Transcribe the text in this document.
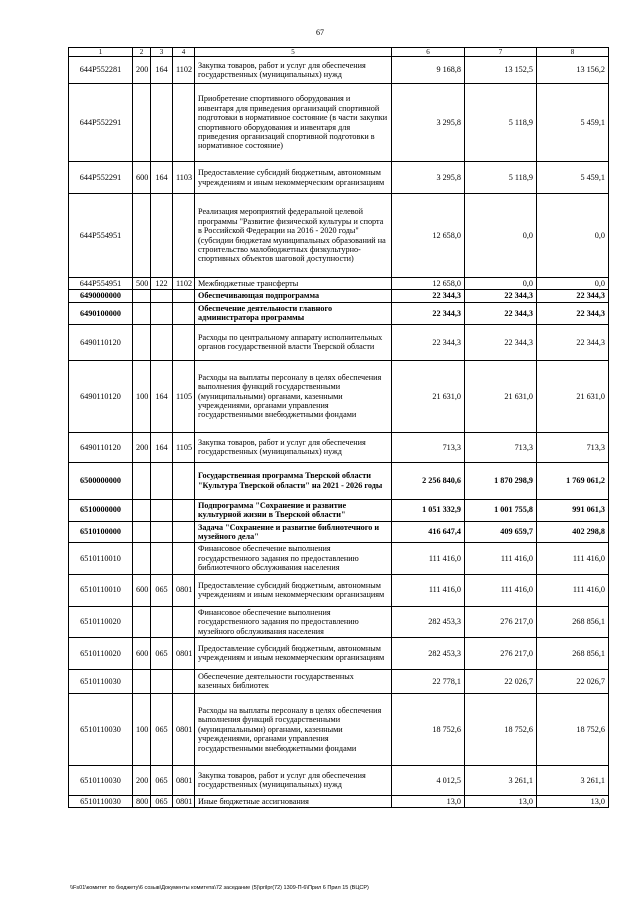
67
1	2	3	4	5	6	7	8
644P552281	200	164	1102	Закупка товаров, работ и услуг для обеспечения государственных (муниципальных) нужд	9 168,8	13 152,5	13 156,2
644P552291				Приобретение спортивного оборудования и инвентаря для приведения организаций спортивной подготовки в нормативное состояние (в части закупки спортивного оборудования и инвентаря для приведения организаций спортивной подготовки в нормативное состояние)	3 295,8	5 118,9	5 459,1
644P552291	600	164	1103	Предоставление субсидий бюджетным, автономным учреждениям и иным некоммерческим организациям	3 295,8	5 118,9	5 459,1
644P554951				Реализация мероприятий федеральной целевой программы "Развитие физической культуры и спорта в Российской Федерации на 2016 - 2020 годы" (субсидии бюджетам муниципальных образований на строительство малобюджетных физкультурно-спортивных объектов шаговой доступности)	12 658,0	0,0	0,0
644P554951	500	122	1102	Межбюджетные трансферты	12 658,0	0,0	0,0
6490000000				Обеспечивающая подпрограмма	22 344,3	22 344,3	22 344,3
6490100000				Обеспечение деятельности главного администратора программы	22 344,3	22 344,3	22 344,3
6490110120				Расходы по центральному аппарату исполнительных органов государственной власти Тверской области	22 344,3	22 344,3	22 344,3
6490110120	100	164	1105	Расходы на выплаты персоналу в целях обеспечения выполнения функций государственными (муниципальными) органами, казенными учреждениями, органами управления государственными внебюджетными фондами	21 631,0	21 631,0	21 631,0
6490110120	200	164	1105	Закупка товаров, работ и услуг для обеспечения государственных (муниципальных) нужд	713,3	713,3	713,3
6500000000				Государственная программа Тверской области "Культура Тверской области" на 2021 - 2026 годы	2 256 840,6	1 870 298,9	1 769 061,2
6510000000				Подпрограмма "Сохранение и развитие культурной жизни в Тверской области"	1 051 332,9	1 001 755,8	991 061,3
6510100000				Задача "Сохранение и развитие библиотечного и музейного дела"	416 647,4	409 659,7	402 298,8
6510110010				Финансовое обеспечение выполнения государственного задания по предоставлению библиотечного обслуживания населения	111 416,0	111 416,0	111 416,0
6510110010	600	065	0801	Предоставление субсидий бюджетным, автономным учреждениям и иным некоммерческим организациям	111 416,0	111 416,0	111 416,0
6510110020				Финансовое обеспечение выполнения государственного задания по предоставлению музейного обслуживания населения	282 453,3	276 217,0	268 856,1
6510110020	600	065	0801	Предоставление субсидий бюджетным, автономным учреждениям и иным некоммерческим организациям	282 453,3	276 217,0	268 856,1
6510110030				Обеспечение деятельности государственных казенных библиотек	22 778,1	22 026,7	22 026,7
6510110030	100	065	0801	Расходы на выплаты персоналу в целях обеспечения выполнения функций государственными (муниципальными) органами, казенными учреждениями, органами управления государственными внебюджетными фондами	18 752,6	18 752,6	18 752,6
6510110030	200	065	0801	Закупка товаров, работ и услуг для обеспечения государственных (муниципальных) нужд	4 012,5	3 261,1	3 261,1
6510110030	800	065	0801	Иные бюджетные ассигнования	13,0	13,0	13,0
\\Fs01\комитет по бюджету\6 созыв\Документы комитета\72 заседание (5)\prilpr(72) 1309-П-6\Прил 6 Прил 15 (ВЦСР)
